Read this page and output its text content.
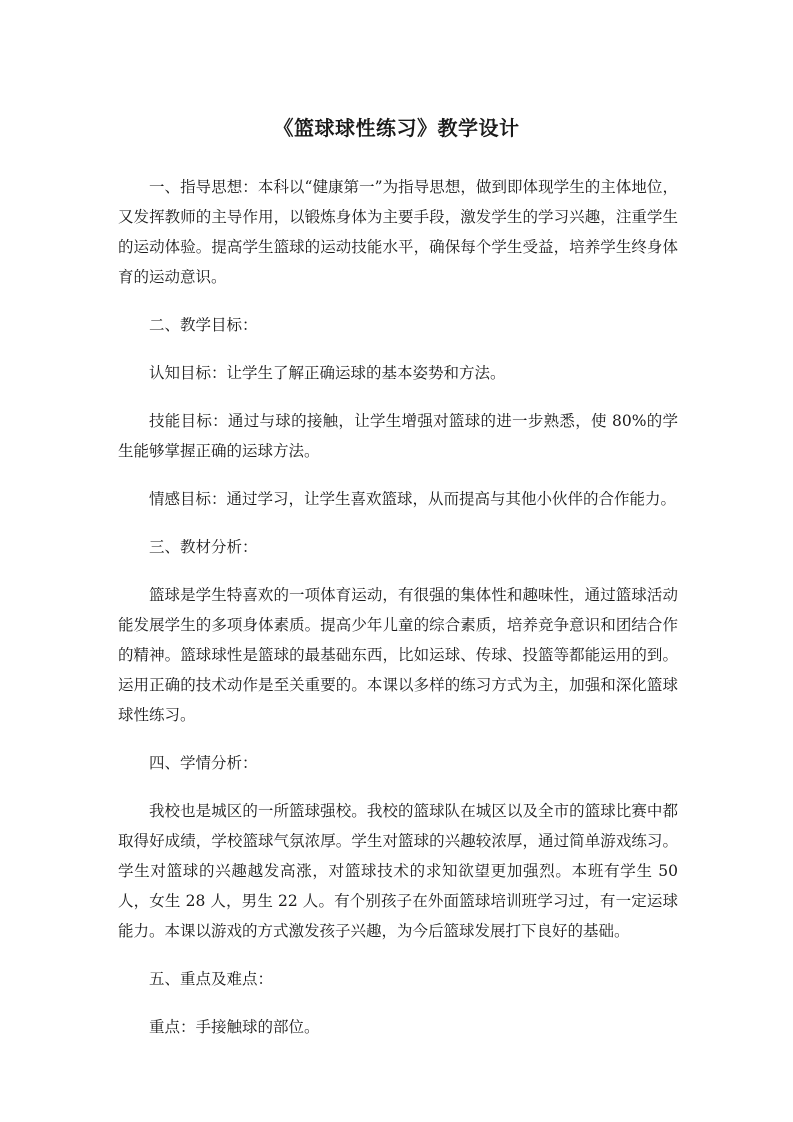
《篮球球性练习》教学设计

一、指导思想：本科以“健康第一”为指导思想，做到即体现学生的主体地位，又发挥教师的主导作用，以锻炼身体为主要手段，激发学生的学习兴趣，注重学生的运动体验。提高学生篮球的运动技能水平，确保每个学生受益，培养学生终身体育的运动意识。

二、教学目标：

认知目标：让学生了解正确运球的基本姿势和方法。

技能目标：通过与球的接触，让学生增强对篮球的进一步熟悉，使 80%的学生能够掌握正确的运球方法。

情感目标：通过学习，让学生喜欢篮球，从而提高与其他小伙伴的合作能力。

三、教材分析：

篮球是学生特喜欢的一项体育运动，有很强的集体性和趣味性，通过篮球活动能发展学生的多项身体素质。提高少年儿童的综合素质，培养竞争意识和团结合作的精神。篮球球性是篮球的最基础东西，比如运球、传球、投篮等都能运用的到。运用正确的技术动作是至关重要的。本课以多样的练习方式为主，加强和深化篮球球性练习。

四、学情分析：

我校也是城区的一所篮球强校。我校的篮球队在城区以及全市的篮球比赛中都取得好成绩，学校篮球气氛浓厚。学生对篮球的兴趣较浓厚，通过简单游戏练习。学生对篮球的兴趣越发高涨，对篮球技术的求知欲望更加强烈。本班有学生 50 人，女生 28 人，男生 22 人。有个别孩子在外面篮球培训班学习过，有一定运球能力。本课以游戏的方式激发孩子兴趣，为今后篮球发展打下良好的基础。

五、重点及难点：

重点：手接触球的部位。
